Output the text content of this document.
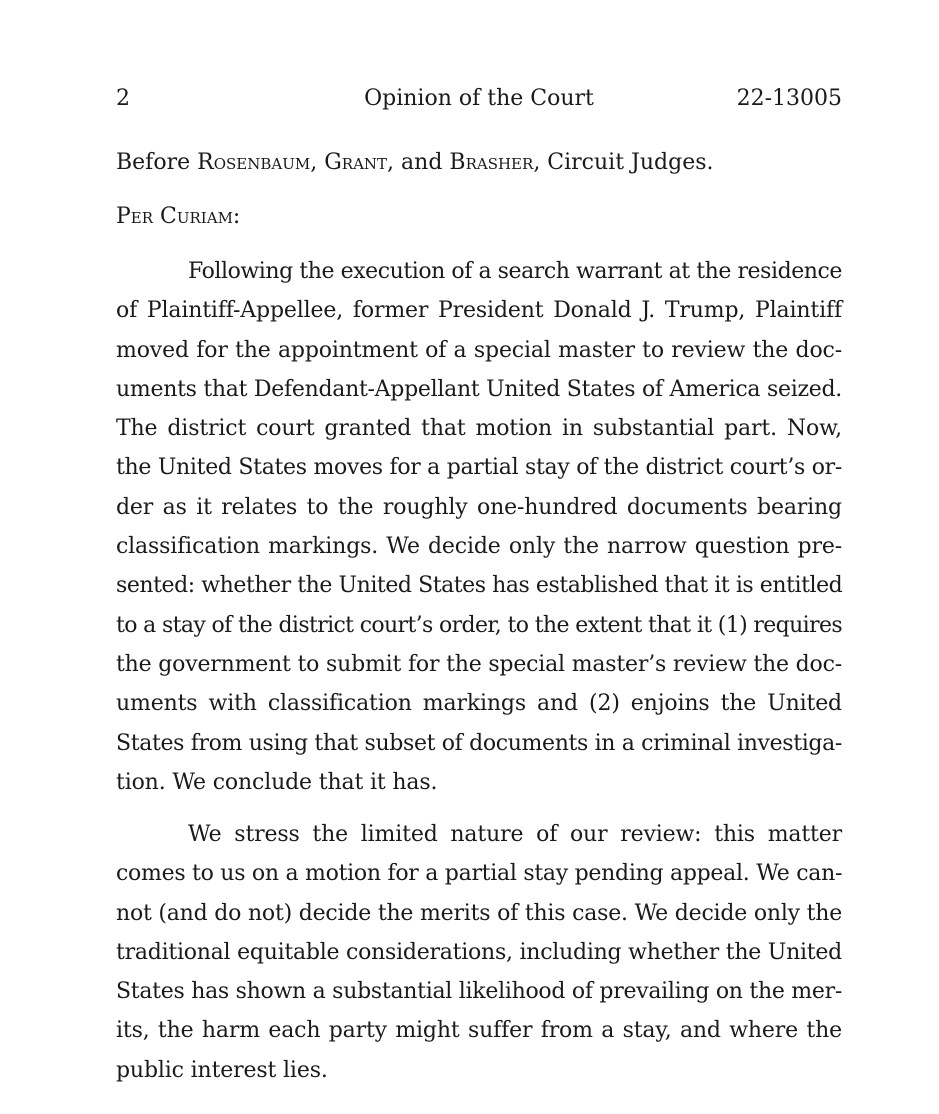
2	Opinion of the Court	22-13005
Before Rosenbaum, Grant, and Brasher, Circuit Judges.
Per Curiam:
Following the execution of a search warrant at the residence
of Plaintiff-Appellee, former President Donald J. Trump, Plaintiff
moved for the appointment of a special master to review the doc-
uments that Defendant-Appellant United States of America seized.
The district court granted that motion in substantial part. Now,
the United States moves for a partial stay of the district court’s or-
der as it relates to the roughly one-hundred documents bearing
classification markings. We decide only the narrow question pre-
sented: whether the United States has established that it is entitled
to a stay of the district court’s order, to the extent that it (1) requires
the government to submit for the special master’s review the doc-
uments with classification markings and (2) enjoins the United
States from using that subset of documents in a criminal investiga-
tion. We conclude that it has.
We stress the limited nature of our review: this matter
comes to us on a motion for a partial stay pending appeal. We can-
not (and do not) decide the merits of this case. We decide only the
traditional equitable considerations, including whether the United
States has shown a substantial likelihood of prevailing on the mer-
its, the harm each party might suffer from a stay, and where the
public interest lies.
